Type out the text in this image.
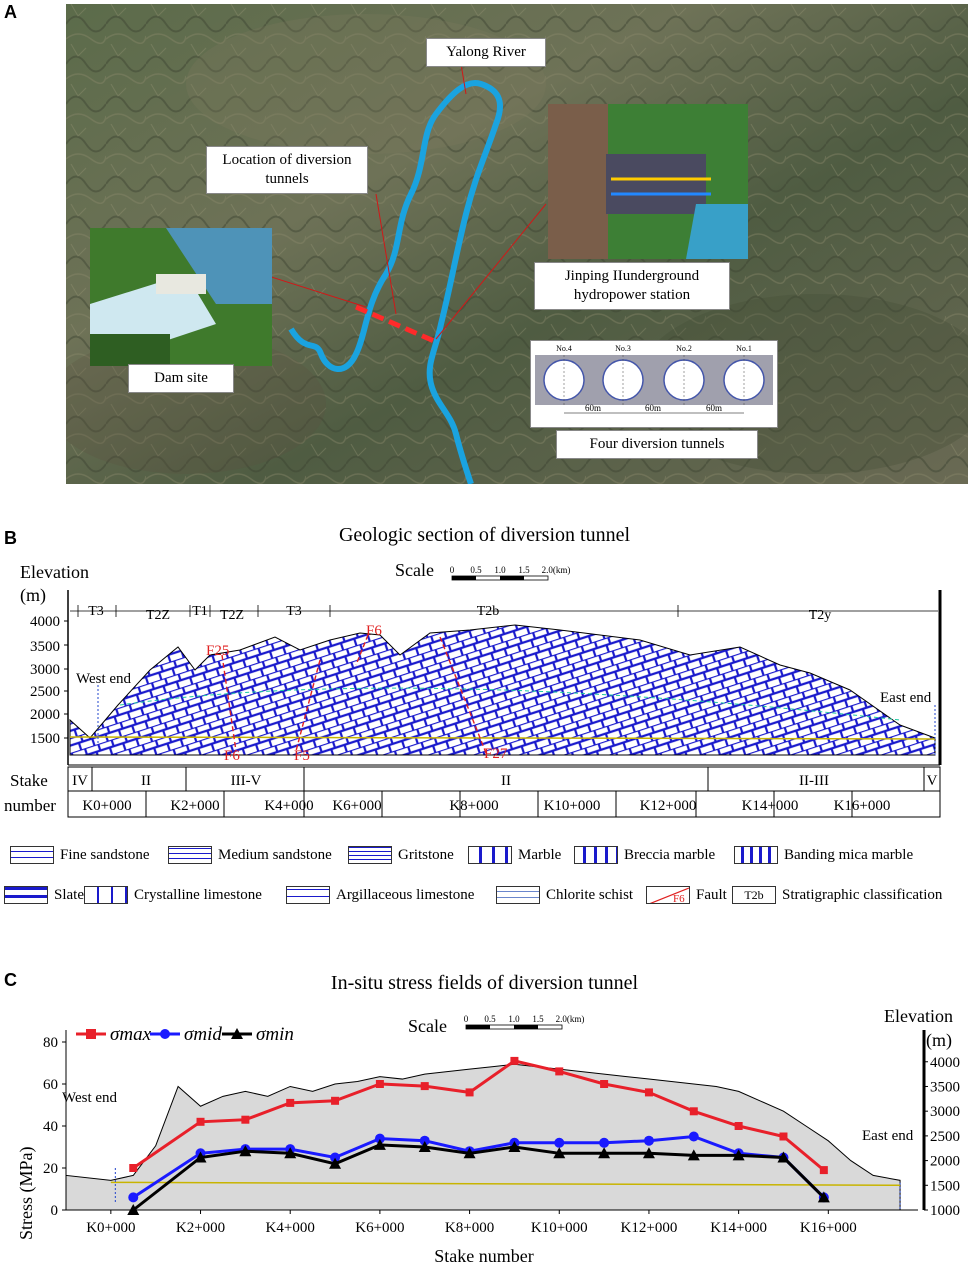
A
Yalong River
Location of diversion tunnels
Jinping IIunderground hydropower station
Dam site
No.4	No.3	No.2	No.1
60m	60m	60m
Four diversion tunnels
B	Geologic section of diversion tunnel
Elevation
(m)
Scale 0 0.5 1.0 1.5 2.0(km)
4000
3500
3000
2500
2000
1500
T3	T2Z T1 T2Z	T3	T2b	T2y
F25
F6	F5
F6
F27
West end
East end
IV	II	III-V	II	II-III	V
K0+000	K2+000	K4+000 K6+000	K8+000	K10+000	K12+000	K14+000 K16+000
Stake
number
Fine sandstone	Medium sandstone	Gritstone	Marble	Breccia marble	Banding mica marble
Slate	Crystalline limestone	Argillaceous limestone	Chlorite schist	F6 Fault	T2b	Stratigraphic classification
C	In-situ stress fields of diversion tunnel
Scale 0 0.5 1.0 1.5 2.0(km)	Elevation
(m)
Stress (MPa)
Stake number
West end
East end
0
20
40
60
80
1000
1500
2000
2500
3000
3500
4000
K0+000	K2+000	K4+000	K6+000	K8+000 K10+000 K12+000 K14+000 K16+000
σmax σmid σmin
